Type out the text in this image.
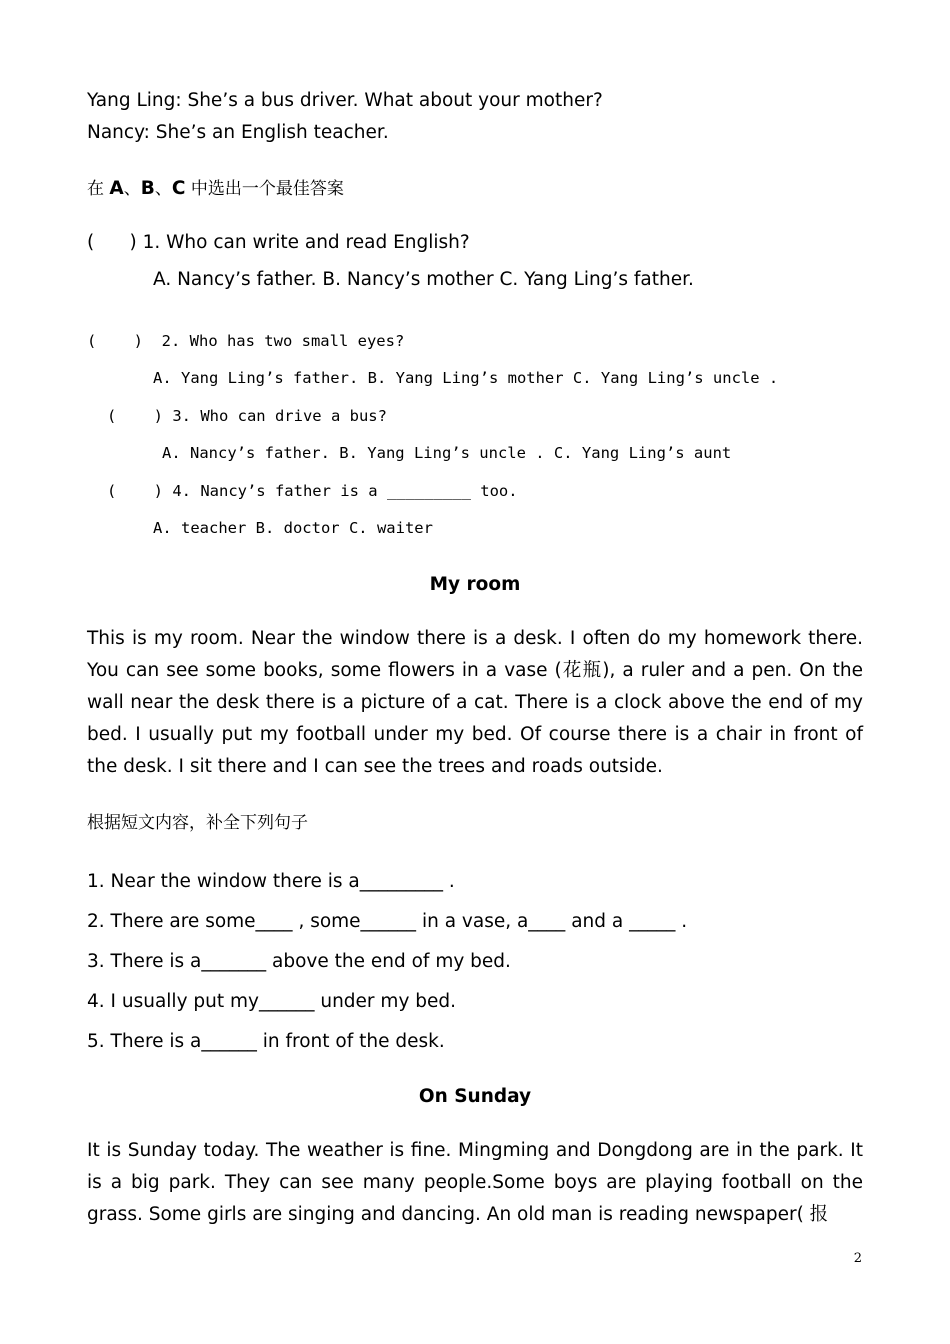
Yang Ling: She’s a bus driver. What about your mother?
Nancy: She’s an English teacher.
在 A、B、C 中选出一个最佳答案
(      ) 1. Who can write and read English?
A. Nancy’s father. B. Nancy’s mother C. Yang Ling’s father.
(    )  2. Who has two small eyes?
A. Yang Ling’s father. B. Yang Ling’s mother C. Yang Ling’s uncle .
(    ) 3. Who can drive a bus?
A. Nancy’s father. B. Yang Ling’s uncle . C. Yang Ling’s aunt
(    ) 4. Nancy’s father is a _________ too.
A. teacher B. doctor C. waiter
My room
This is my room. Near the window there is a desk. I often do my homework there. You can see some books, some flowers in a vase (花瓶), a ruler and a pen. On the wall near the desk there is a picture of a cat. There is a clock above the end of my bed. I usually put my football under my bed. Of course there is a chair in front of the desk. I sit there and I can see the trees and roads outside.
根据短文内容，补全下列句子
1. Near the window there is a_________ .
2. There are some____ , some______ in a vase, a____ and a _____ .
3. There is a_______ above the end of my bed.
4. I usually put my______ under my bed.
5. There is a______ in front of the desk.
On Sunday
It is Sunday today. The weather is fine. Mingming and Dongdong are in the park. It is a big park. They can see many people.Some boys are playing football on the grass. Some girls are singing and dancing. An old man is reading newspaper( 报
2
